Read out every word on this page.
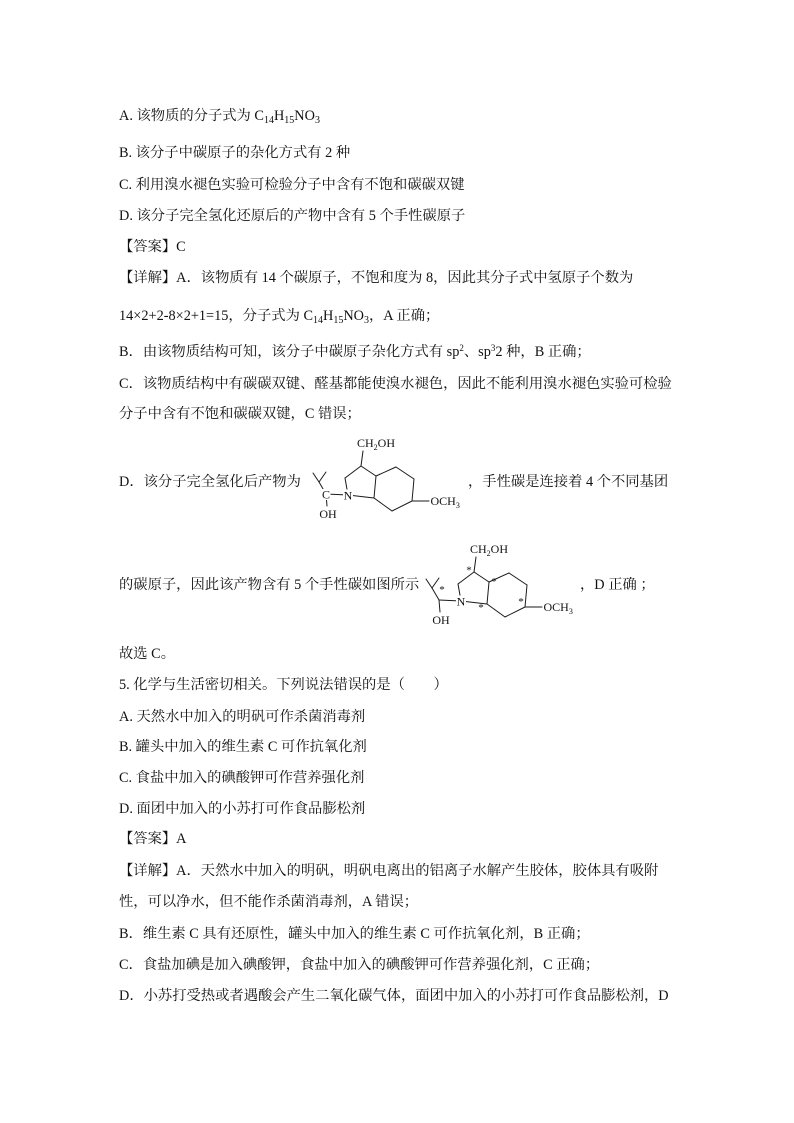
A. 该物质的分子式为 $C_{14}H_{15}NO_3$
B. 该分子中碳原子的杂化方式有 2 种
C. 利用溴水褪色实验可检验分子中含有不饱和碳碳双键
D. 该分子完全氢化还原后的产物中含有 5 个手性碳原子
【答案】C
【详解】A．该物质有 14 个碳原子，不饱和度为 8，因此其分子式中氢原子个数为
14×2+2-8×2+1=15，分子式为 $C_{14}H_{15}NO_3$，A 正确；
B．由该物质结构可知，该分子中碳原子杂化方式有 $sp^2$、$sp^32$ 种，B 正确；
C．该物质结构中有碳碳双键、醛基都能使溴水褪色，因此不能利用溴水褪色实验可检验
分子中含有不饱和碳碳双键，C 错误；
D．该分子完全氢化后产物为	，手性碳是连接着 4 个不同基团
的碳原子，因此该产物含有 5 个手性碳如图所示	，D 正确 ；
故选 C。
$CH_2OH$
N
C
OH
$OCH_3$
$CH_2OH$
N
OH
$OCH_3$
*
*
*	*
*
5. 化学与生活密切相关。下列说法错误的是（　　）
A. 天然水中加入的明矾可作杀菌消毒剂
B. 罐头中加入的维生素 C 可作抗氧化剂
C. 食盐中加入的碘酸钾可作营养强化剂
D. 面团中加入的小苏打可作食品膨松剂
【答案】A
【详解】A．天然水中加入的明矾，明矾电离出的铝离子水解产生胶体，胶体具有吸附
性，可以净水，但不能作杀菌消毒剂，A 错误；
B．维生素 C 具有还原性，罐头中加入的维生素 C 可作抗氧化剂，B 正确；
C．食盐加碘是加入碘酸钾，食盐中加入的碘酸钾可作营养强化剂，C 正确；
D．小苏打受热或者遇酸会产生二氧化碳气体，面团中加入的小苏打可作食品膨松剂，D
